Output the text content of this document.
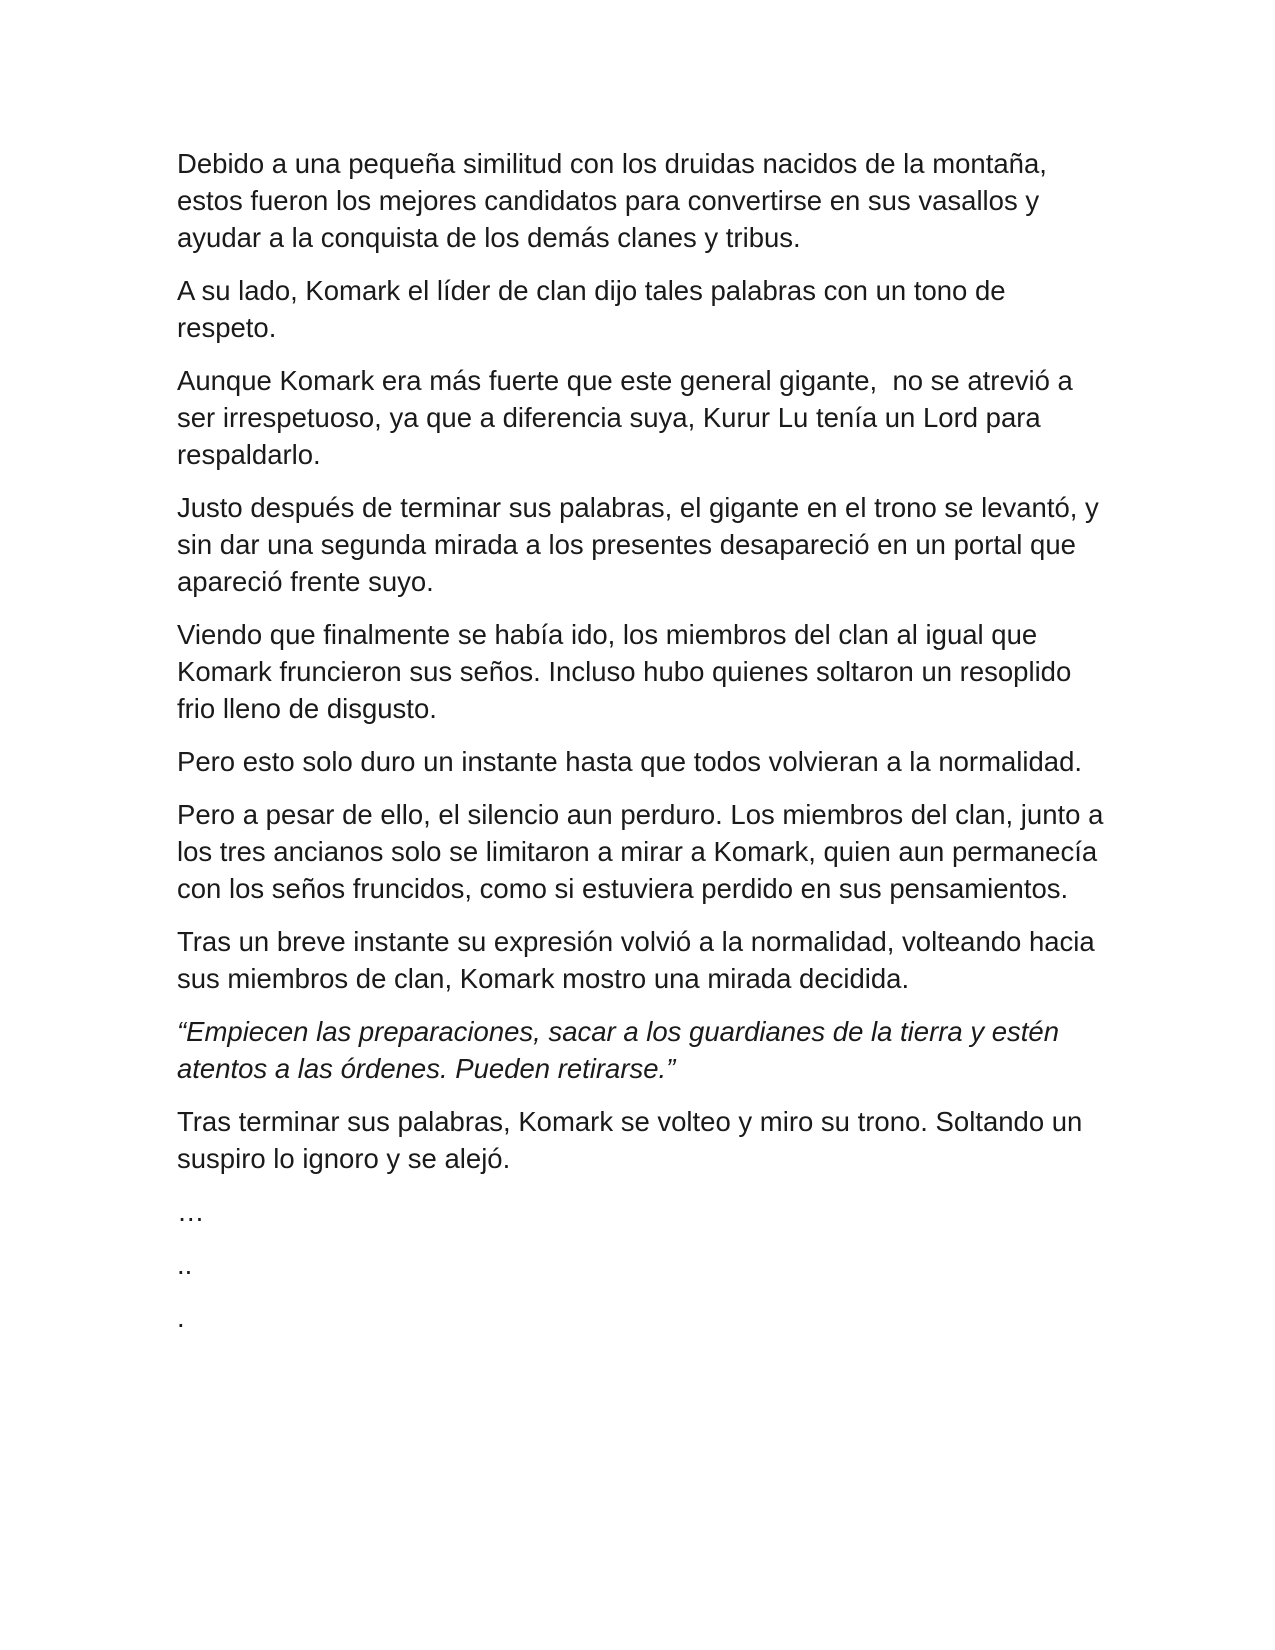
Debido a una pequeña similitud con los druidas nacidos de la montaña, estos fueron los mejores candidatos para convertirse en sus vasallos y ayudar a la conquista de los demás clanes y tribus.

A su lado, Komark el líder de clan dijo tales palabras con un tono de respeto.

Aunque Komark era más fuerte que este general gigante,  no se atrevió a ser irrespetuoso, ya que a diferencia suya, Kurur Lu tenía un Lord para respaldarlo.

Justo después de terminar sus palabras, el gigante en el trono se levantó, y sin dar una segunda mirada a los presentes desapareció en un portal que apareció frente suyo.

Viendo que finalmente se había ido, los miembros del clan al igual que Komark fruncieron sus seños. Incluso hubo quienes soltaron un resoplido frio lleno de disgusto.

Pero esto solo duro un instante hasta que todos volvieran a la normalidad.

Pero a pesar de ello, el silencio aun perduro. Los miembros del clan, junto a los tres ancianos solo se limitaron a mirar a Komark, quien aun permanecía con los seños fruncidos, como si estuviera perdido en sus pensamientos.

Tras un breve instante su expresión volvió a la normalidad, volteando hacia sus miembros de clan, Komark mostro una mirada decidida.

“Empiecen las preparaciones, sacar a los guardianes de la tierra y estén atentos a las órdenes. Pueden retirarse.”

Tras terminar sus palabras, Komark se volteo y miro su trono. Soltando un suspiro lo ignoro y se alejó.

…

..

.
